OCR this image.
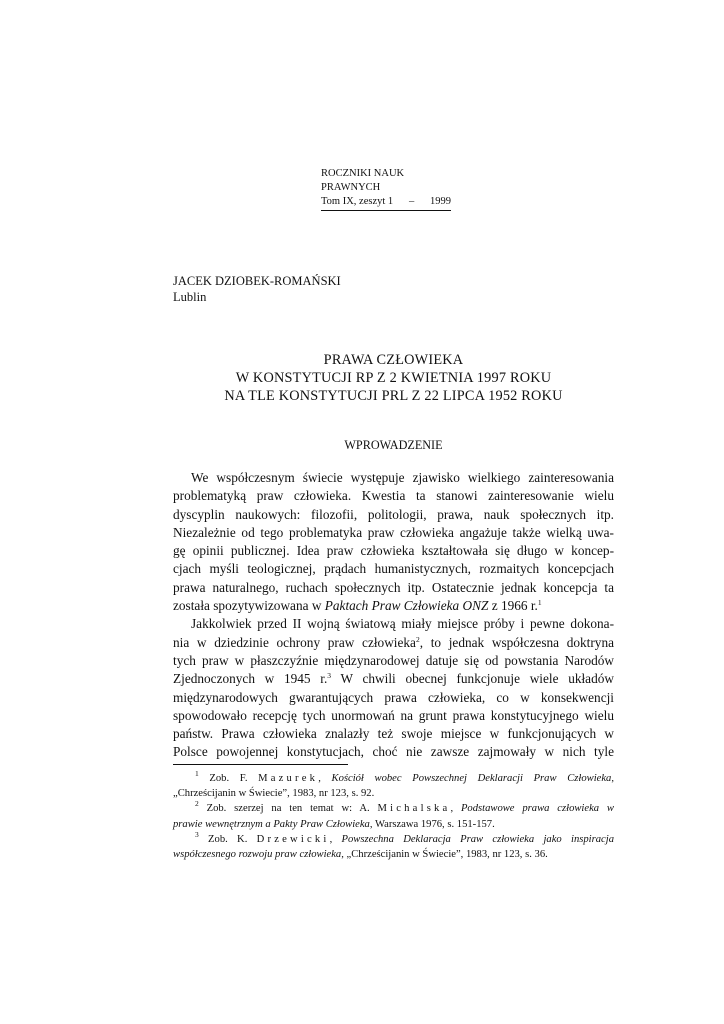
ROCZNIKI NAUK PRAWNYCH
Tom IX, zeszyt 1 – 1999
JACEK DZIOBEK-ROMAŃSKI
Lublin
PRAWA CZŁOWIEKA
W KONSTYTUCJI RP Z 2 KWIETNIA 1997 ROKU
NA TLE KONSTYTUCJI PRL Z 22 LIPCA 1952 ROKU
WPROWADZENIE
We współczesnym świecie występuje zjawisko wielkiego zainteresowania
problematyką praw człowieka. Kwestia ta stanowi zainteresowanie wielu
dyscyplin naukowych: filozofii, politologii, prawa, nauk społecznych itp.
Niezależnie od tego problematyka praw człowieka angażuje także wielką uwa-
gę opinii publicznej. Idea praw człowieka kształtowała się długo w koncep-
cjach myśli teologicznej, prądach humanistycznych, rozmaitych koncepcjach
prawa naturalnego, ruchach społecznych itp. Ostatecznie jednak koncepcja ta
została spozytywizowana w Paktach Praw Człowieka ONZ z 1966 r.$^1$
Jakkolwiek przed II wojną światową miały miejsce próby i pewne dokona-
nia w dziedzinie ochrony praw człowieka$^2$, to jednak współczesna doktryna
tych praw w płaszczyźnie międzynarodowej datuje się od powstania Narodów
Zjednoczonych w 1945 r.$^3$ W chwili obecnej funkcjonuje wiele układów
międzynarodowych gwarantujących prawa człowieka, co w konsekwencji
spowodowało recepcję tych unormowań na grunt prawa konstytucyjnego wielu
państw. Prawa człowieka znalazły też swoje miejsce w funkcjonujących w
Polsce powojennej konstytucjach, choć nie zawsze zajmowały w nich tyle
$^1$ Zob. F. Mazurek, Kościół wobec Powszechnej Deklaracji Praw Człowieka,
„Chrześcijanin w Świecie”, 1983, nr 123, s. 92.
$^2$ Zob. szerzej na ten temat w: A. Michalska, Podstawowe prawa człowieka w
prawie wewnętrznym a Pakty Praw Człowieka, Warszawa 1976, s. 151-157.
$^3$ Zob. K. Drzewicki, Powszechna Deklaracja Praw człowieka jako inspiracja
współczesnego rozwoju praw człowieka, „Chrześcijanin w Świecie”, 1983, nr 123, s. 36.
